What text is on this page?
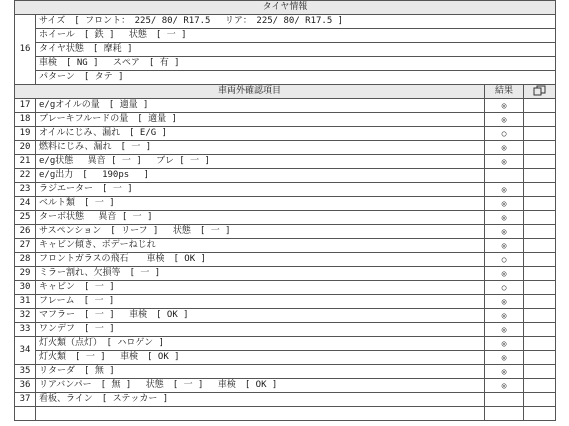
タイヤ情報			
16	サイズ　[ フロント：　225/ 80/ R17.5　 リア：　225/ 80/ R17.5 ]		
	ホイール　[ 鉄 ]　 状態　[ 一 ]		
	タイヤ状態　[ 摩耗 ]		
	車検　[ NG ]　 スペア　[ 有 ]		
	パターン　[ タテ ]		
車両外確認項目		結果	
17	e/gオイルの量　[ 適量 ]	◎	
18	ブレーキフルードの量　[ 適量 ]	◎	
19	オイルにじみ、漏れ　[ E/G ]	○	
20	燃料にじみ、漏れ　[ 一 ]	◎	
21	e/g状態　 異音 [ 一 ]　 ブレ [ 一 ]	◎	
22	e/g出力　[　 190ps　 ]		
23	ラジエーター　[ 一 ]	◎	
24	ベルト類　[ 一 ]	◎	
25	ターボ状態　 異音 [ 一 ]	◎	
26	サスペンション　[ リーフ ]　 状態　[ 一 ]	◎	
27	キャビン傾き、ボデーねじれ	◎	
28	フロントガラスの飛石　　車検　[ OK ]	○	
29	ミラー割れ、欠損等　[ 一 ]	◎	
30	キャビン　[ 一 ]	○	
31	フレーム　[ 一 ]	◎	
32	マフラー　[ 一 ]　 車検　[ OK ]	◎	
33	ワンデフ　[ 一 ]	◎	
34	灯火類（点灯）　[ ハロゲン ]	◎	
	灯火類　[ 一 ]　 車検　[ OK ]	◎	
35	リターダ　[ 無 ]	◎	
36	リアバンパー　[ 無 ]　 状態　[ 一 ]　 車検　[ OK ]	◎	
37	看板、ライン　[ ステッカー ]		
